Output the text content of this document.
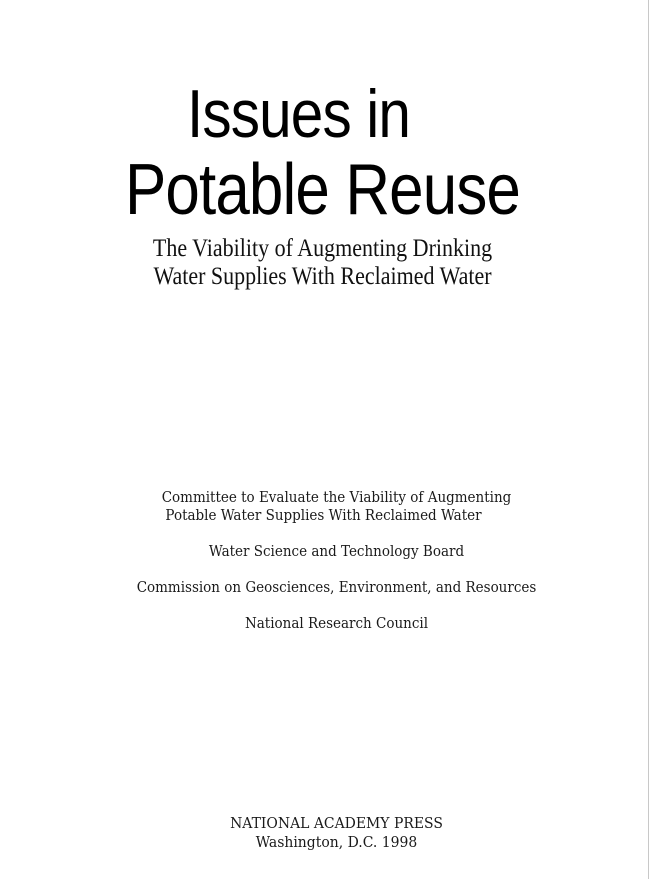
Issues in
Potable Reuse
The Viability of Augmenting Drinking
Water Supplies With Reclaimed Water
Committee to Evaluate the Viability of Augmenting
Potable Water Supplies With Reclaimed Water
Water Science and Technology Board
Commission on Geosciences, Environment, and Resources
National Research Council
NATIONAL ACADEMY PRESS
Washington, D.C. 1998
